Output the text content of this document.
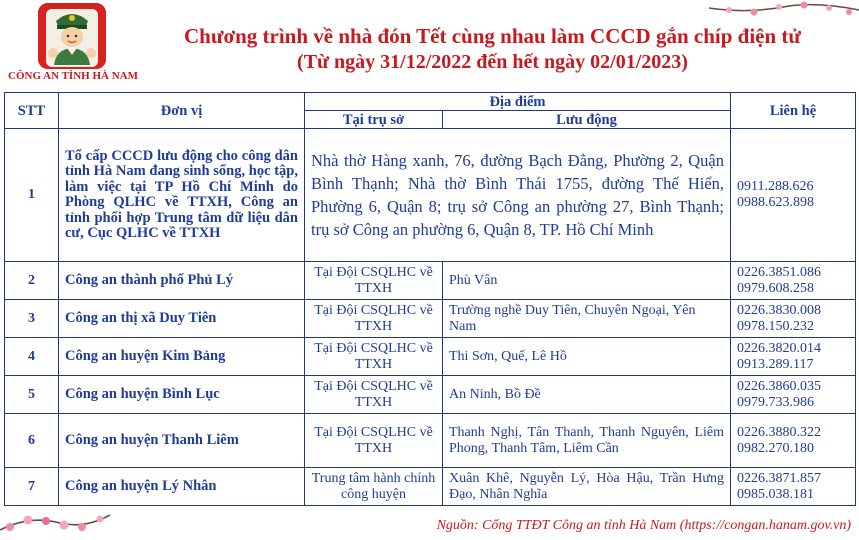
CÔNG AN TỈNH HÀ NAM
Chương trình về nhà đón Tết cùng nhau làm CCCD gắn chíp điện tử
(Từ ngày 31/12/2022 đến hết ngày 02/01/2023)
STT	Đơn vị	Địa điểm		Liên hệ
		Tại trụ sở	Lưu động	
1	Tổ cấp CCCD lưu động cho công dân tỉnh Hà Nam đang sinh sống, học tập, làm việc tại TP Hồ Chí Minh do Phòng QLHC về TTXH, Công an tỉnh phối hợp Trung tâm dữ liệu dân cư, Cục QLHC về TTXH	Nhà thờ Hàng xanh, 76, đường Bạch Đằng, Phường 2, Quận Bình Thạnh; Nhà thờ Bình Thái 1755, đường Thế Hiển, Phường 6, Quận 8; trụ sở Công an phường 27, Bình Thạnh; trụ sở Công an phường 6, Quận 8, TP. Hồ Chí Minh		0911.288.626
0988.623.898

2	Công an thành phố Phủ Lý	Tại Đội CSQLHC về TTXH	Phù Vân	0226.3851.086
0979.608.258

3	Công an thị xã Duy Tiên	Tại Đội CSQLHC về TTXH	Trường nghề Duy Tiên, Chuyên Ngoại, Yên Nam	0226.3830.008
0978.150.232

4	Công an huyện Kim Bảng	Tại Đội CSQLHC về TTXH	Thi Sơn, Quế, Lê Hồ	0226.3820.014
0913.289.117

5	Công an huyện Bình Lục	Tại Đội CSQLHC về TTXH	An Ninh, Bồ Đề	0226.3860.035
0979.733.986

6	Công an huyện Thanh Liêm	Tại Đội CSQLHC về TTXH	Thanh Nghị, Tân Thanh, Thanh Nguyên, Liêm Phong, Thanh Tâm, Liêm Cần	0226.3880.322
0982.270.180

7	Công an huyện Lý Nhân	Trung tâm hành chính công huyện	Xuân Khê, Nguyễn Lý, Hòa Hậu, Trần Hưng Đạo, Nhân Nghĩa	0226.3871.857
0985.038.181
Nguồn: Cổng TTĐT Công an tỉnh Hà Nam (https://congan.hanam.gov.vn)
